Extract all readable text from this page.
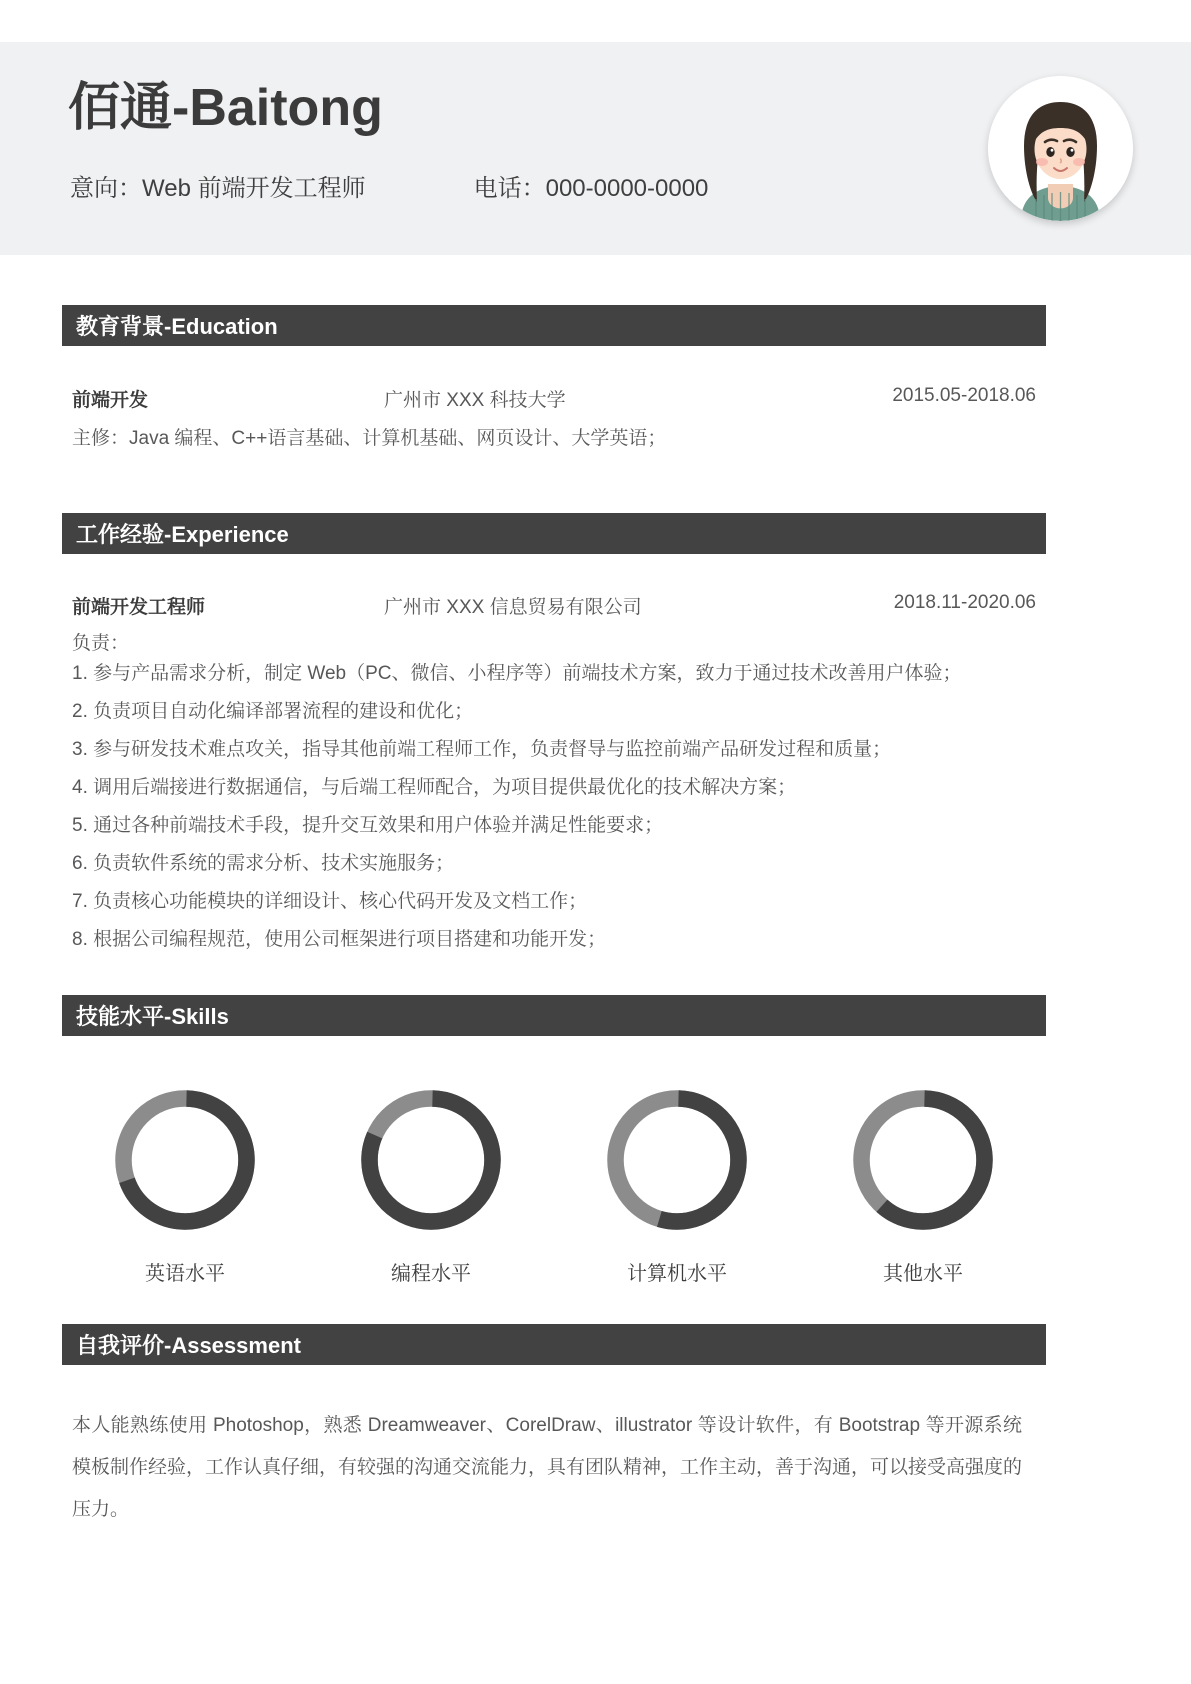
佰通-Baitong
意向：Web 前端开发工程师	电话：000-0000-0000
教育背景-Education
前端开发	广州市 XXX 科技大学	2015.05-2018.06
主修：Java 编程、C++语言基础、计算机基础、网页设计、大学英语；
工作经验-Experience
前端开发工程师	广州市 XXX 信息贸易有限公司	2018.11-2020.06
负责：
1. 参与产品需求分析，制定 Web（PC、微信、小程序等）前端技术方案，致力于通过技术改善用户体验；
2. 负责项目自动化编译部署流程的建设和优化；
3. 参与研发技术难点攻关，指导其他前端工程师工作，负责督导与监控前端产品研发过程和质量；
4. 调用后端接进行数据通信，与后端工程师配合，为项目提供最优化的技术解决方案；
5. 通过各种前端技术手段，提升交互效果和用户体验并满足性能要求；
6. 负责软件系统的需求分析、技术实施服务；
7. 负责核心功能模块的详细设计、核心代码开发及文档工作；
8. 根据公司编程规范，使用公司框架进行项目搭建和功能开发；
技能水平-Skills
英语水平	编程水平	计算机水平	其他水平
自我评价-Assessment
本人能熟练使用 Photoshop，熟悉 Dreamweaver、CorelDraw、illustrator 等设计软件，有 Bootstrap 等开源系统模板制作经验，工作认真仔细，有较强的沟通交流能力，具有团队精神，工作主动，善于沟通，可以接受高强度的压力。
